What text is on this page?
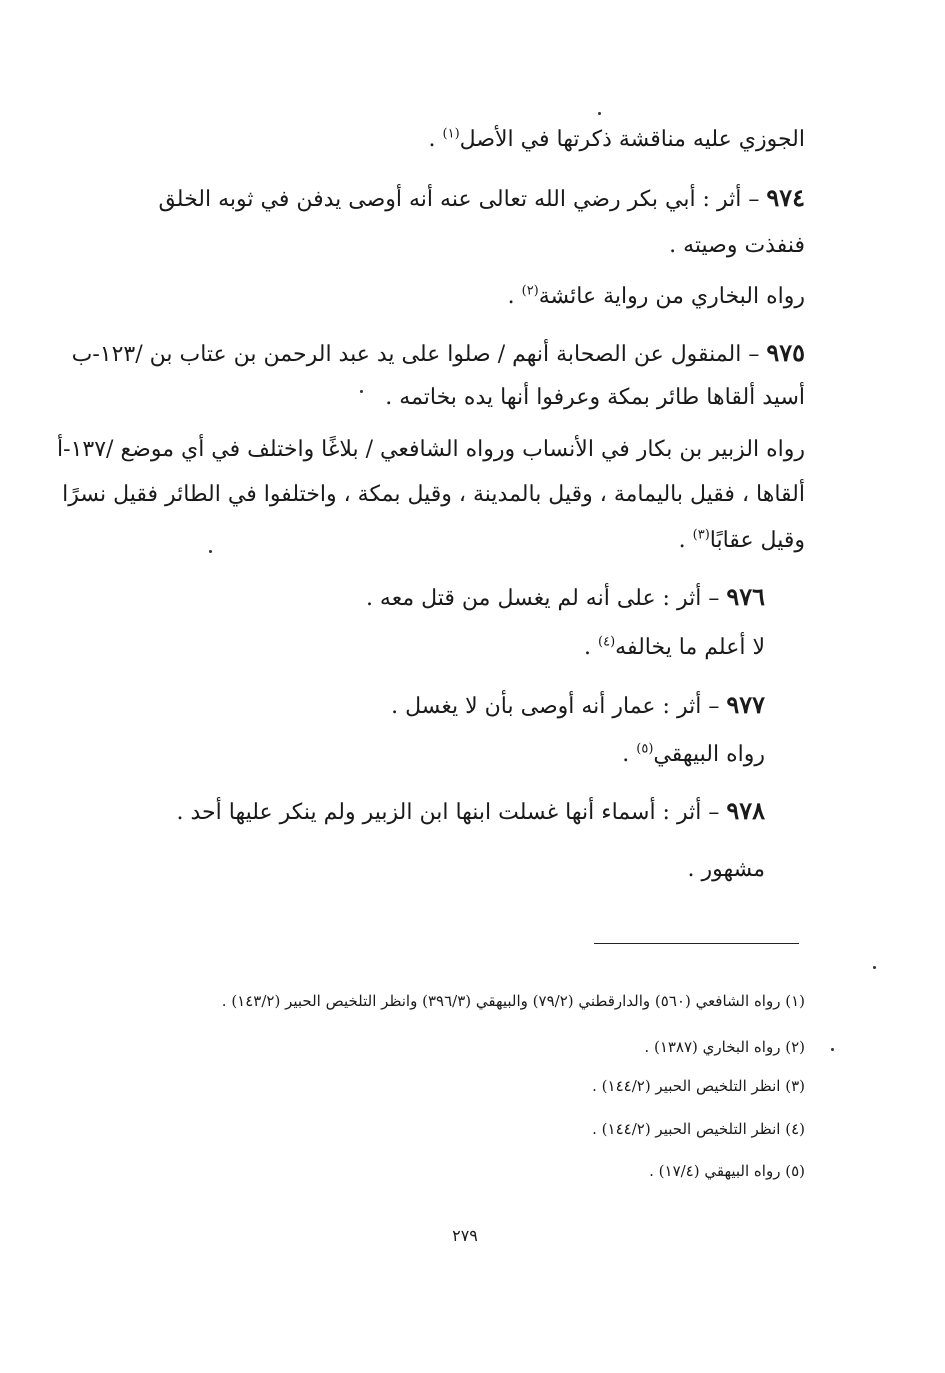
الجوزي عليه مناقشة ذكرتها في الأصل$^{(١)}$ .
٩٧٤ – أثر : أبي بكر رضي الله تعالى عنه أنه أوصى يدفن في ثوبه الخلق
فنفذت وصيته .
رواه البخاري من رواية عائشة$^{(٢)}$ .
٩٧٥ – المنقول عن الصحابة أنهم / صلوا على يد عبد الرحمن بن عتاب بن /١٢٣-ب
أسيد ألقاها طائر بمكة وعرفوا أنها يده بخاتمه .
رواه الزبير بن بكار في الأنساب ورواه الشافعي / بلاغًا واختلف في أي موضع /١٣٧-أ
ألقاها ، فقيل باليمامة ، وقيل بالمدينة ، وقيل بمكة ، واختلفوا في الطائر فقيل نسرًا
وقيل عقابًا$^{(٣)}$ .
٩٧٦ – أثر : على أنه لم يغسل من قتل معه .
لا أعلم ما يخالفه$^{(٤)}$ .
٩٧٧ – أثر : عمار أنه أوصى بأن لا يغسل .
رواه البيهقي$^{(٥)}$ .
٩٧٨ – أثر : أسماء أنها غسلت ابنها ابن الزبير ولم ينكر عليها أحد .
مشهور .
(١) رواه الشافعي (٥٦٠) والدارقطني (٧٩/٢) والبيهقي (٣٩٦/٣) وانظر التلخيص الحبير (١٤٣/٢) .
(٢) رواه البخاري (١٣٨٧) .
(٣) انظر التلخيص الحبير (١٤٤/٢) .
(٤) انظر التلخيص الحبير (١٤٤/٢) .
(٥) رواه البيهقي (١٧/٤) .
٢٧٩
